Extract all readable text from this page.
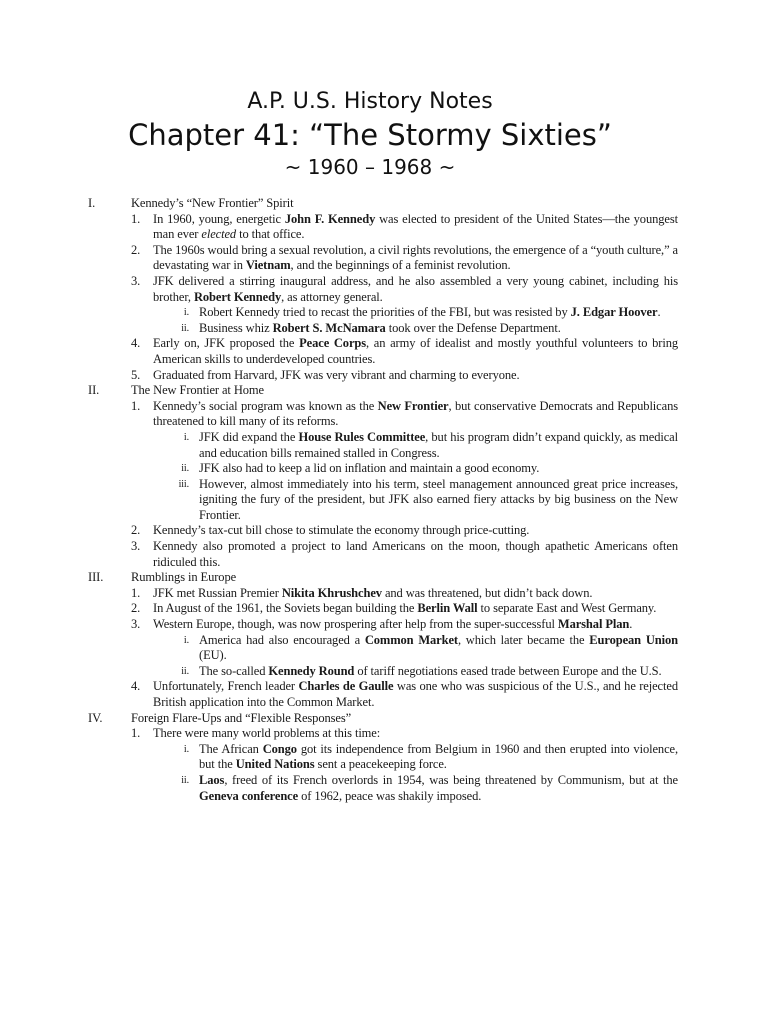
A.P. U.S. History Notes
Chapter 41: “The Stormy Sixties”
~ 1960 – 1968 ~
I.	Kennedy’s “New Frontier” Spirit
1. In 1960, young, energetic John F. Kennedy was elected to president of the United States—the youngest man ever elected to that office.
2. The 1960s would bring a sexual revolution, a civil rights revolutions, the emergence of a “youth culture,” a devastating war in Vietnam, and the beginnings of a feminist revolution.
3. JFK delivered a stirring inaugural address, and he also assembled a very young cabinet, including his brother, Robert Kennedy, as attorney general.
i. Robert Kennedy tried to recast the priorities of the FBI, but was resisted by J. Edgar Hoover.
ii. Business whiz Robert S. McNamara took over the Defense Department.
4. Early on, JFK proposed the Peace Corps, an army of idealist and mostly youthful volunteers to bring American skills to underdeveloped countries.
5. Graduated from Harvard, JFK was very vibrant and charming to everyone.
II.	The New Frontier at Home
1. Kennedy’s social program was known as the New Frontier, but conservative Democrats and Republicans threatened to kill many of its reforms.
i. JFK did expand the House Rules Committee, but his program didn’t expand quickly, as medical and education bills remained stalled in Congress.
ii. JFK also had to keep a lid on inflation and maintain a good economy.
iii. However, almost immediately into his term, steel management announced great price increases, igniting the fury of the president, but JFK also earned fiery attacks by big business on the New Frontier.
2. Kennedy’s tax-cut bill chose to stimulate the economy through price-cutting.
3. Kennedy also promoted a project to land Americans on the moon, though apathetic Americans often ridiculed this.
III. Rumblings in Europe
1. JFK met Russian Premier Nikita Khrushchev and was threatened, but didn’t back down.
2. In August of the 1961, the Soviets began building the Berlin Wall to separate East and West Germany.
3. Western Europe, though, was now prospering after help from the super-successful Marshal Plan.
i. America had also encouraged a Common Market, which later became the European Union (EU).
ii. The so-called Kennedy Round of tariff negotiations eased trade between Europe and the U.S.
4. Unfortunately, French leader Charles de Gaulle was one who was suspicious of the U.S., and he rejected British application into the Common Market.
IV. Foreign Flare-Ups and “Flexible Responses”
1. There were many world problems at this time:
i. The African Congo got its independence from Belgium in 1960 and then erupted into violence, but the United Nations sent a peacekeeping force.
ii. Laos, freed of its French overlords in 1954, was being threatened by Communism, but at the Geneva conference of 1962, peace was shakily imposed.
